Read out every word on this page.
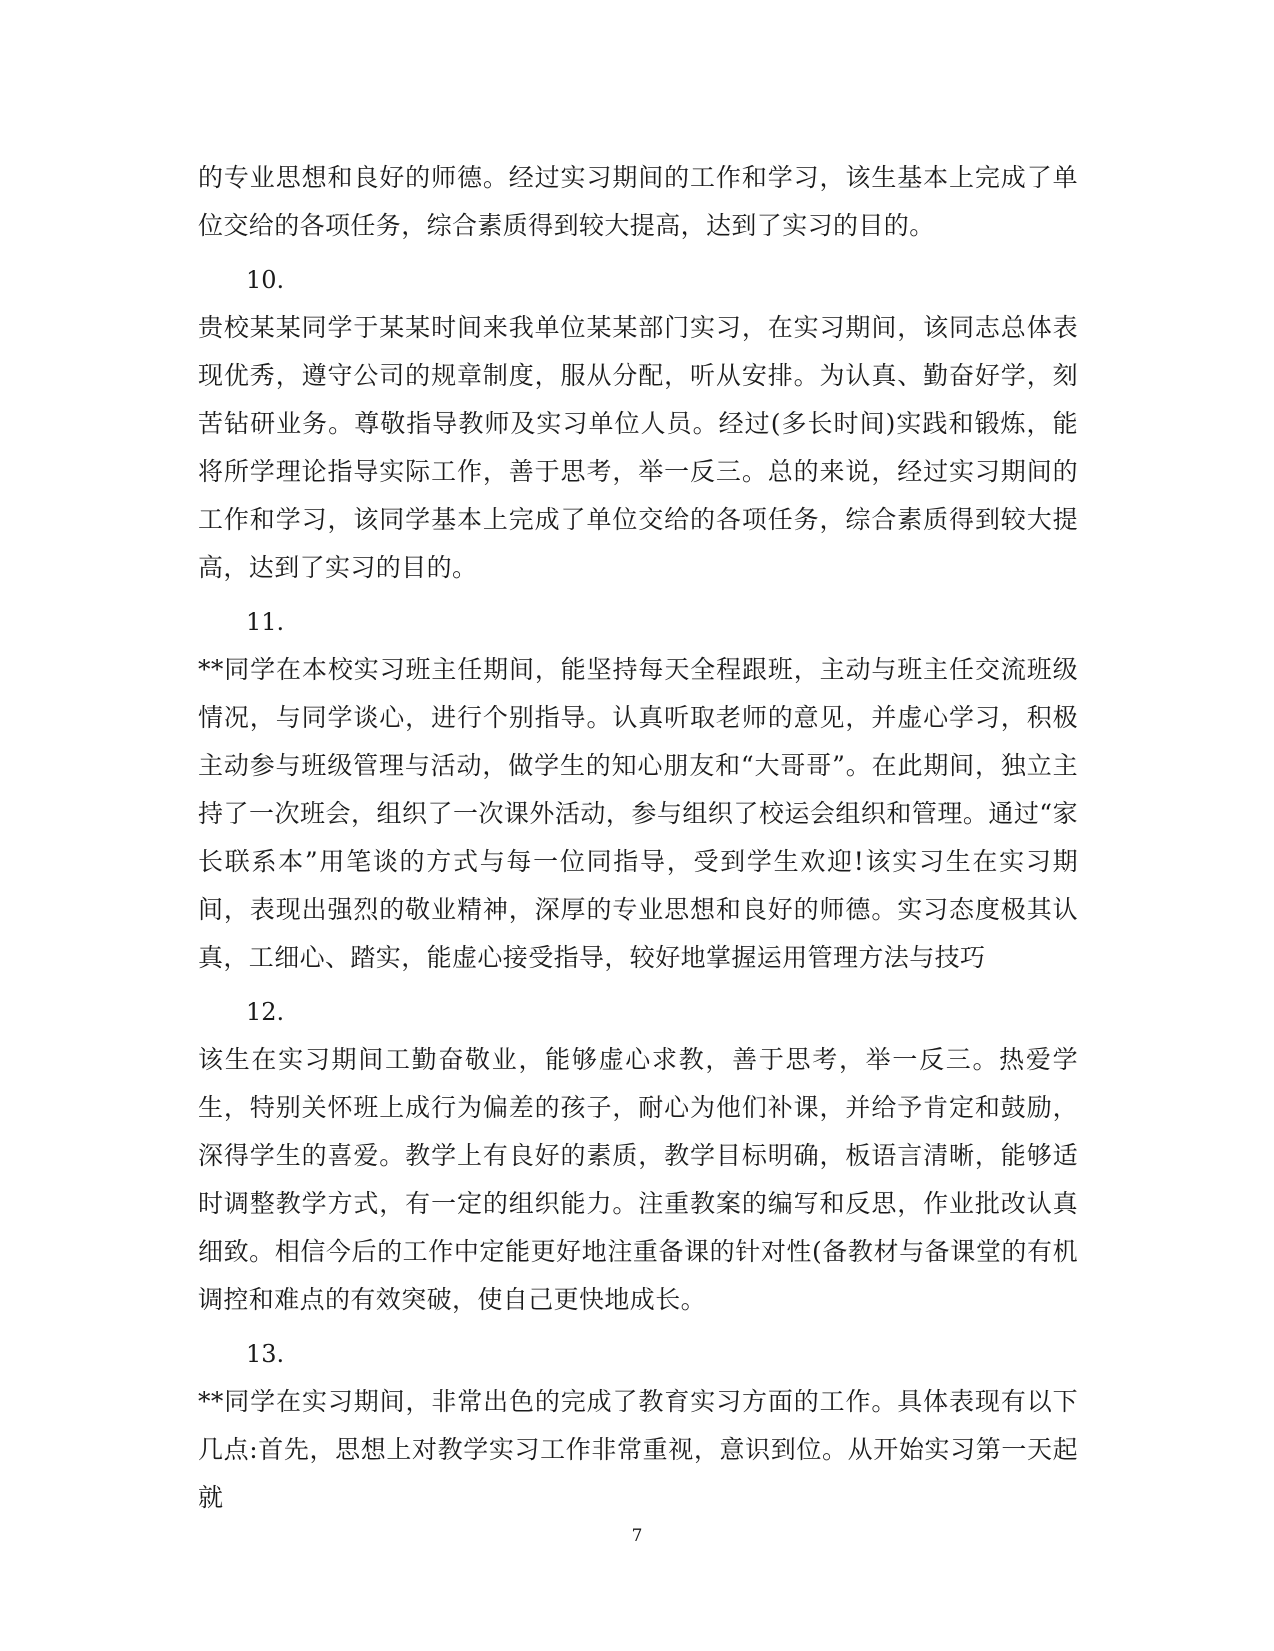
的专业思想和良好的师德。经过实习期间的工作和学习，该生基本上完成了单位交给的各项任务，综合素质得到较大提高，达到了实习的目的。

10.

贵校某某同学于某某时间来我单位某某部门实习，在实习期间，该同志总体表现优秀，遵守公司的规章制度，服从分配，听从安排。为认真、勤奋好学，刻苦钻研业务。尊敬指导教师及实习单位人员。经过(多长时间)实践和锻炼，能将所学理论指导实际工作，善于思考，举一反三。总的来说，经过实习期间的工作和学习，该同学基本上完成了单位交给的各项任务，综合素质得到较大提高，达到了实习的目的。

11.

**同学在本校实习班主任期间，能坚持每天全程跟班，主动与班主任交流班级情况，与同学谈心，进行个别指导。认真听取老师的意见，并虚心学习，积极主动参与班级管理与活动，做学生的知心朋友和“大哥哥”。在此期间，独立主持了一次班会，组织了一次课外活动，参与组织了校运会组织和管理。通过“家长联系本”用笔谈的方式与每一位同指导，受到学生欢迎!该实习生在实习期间，表现出强烈的敬业精神，深厚的专业思想和良好的师德。实习态度极其认真，工细心、踏实，能虚心接受指导，较好地掌握运用管理方法与技巧

12.

该生在实习期间工勤奋敬业，能够虚心求教，善于思考，举一反三。热爱学生，特别关怀班上成行为偏差的孩子，耐心为他们补课，并给予肯定和鼓励，深得学生的喜爱。教学上有良好的素质，教学目标明确，板语言清晰，能够适时调整教学方式，有一定的组织能力。注重教案的编写和反思，作业批改认真细致。相信今后的工作中定能更好地注重备课的针对性(备教材与备课堂的有机调控和难点的有效突破，使自己更快地成长。

13.

**同学在实习期间，非常出色的完成了教育实习方面的工作。具体表现有以下几点:首先，思想上对教学实习工作非常重视，意识到位。从开始实习第一天起就

7
